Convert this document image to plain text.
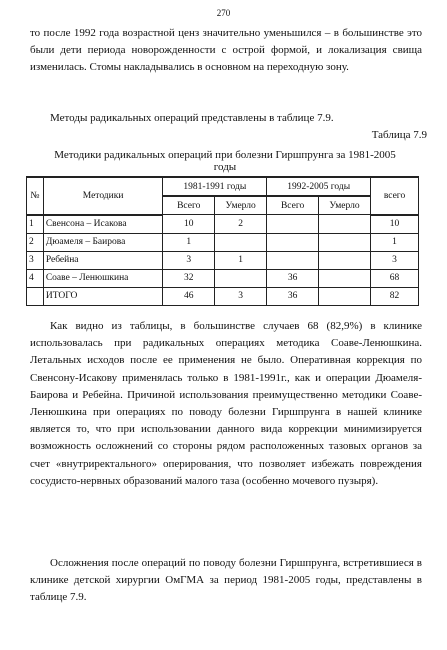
270

то после 1992 года возрастной ценз значительно уменьшился – в большинстве это были дети периода новорожденности с острой формой, и локализация свища изменилась. Стомы накладывались в основном на переходную зону.

Методы радикальных операций представлены в таблице 7.9.

Таблица 7.9
Методики радикальных операций при болезни Гиршпрунга за 1981-2005 годы
№	Методики	1981-1991 годы		1992-2005 годы		всего
		Всего	Умерло	Всего	Умерло	
1	Свенсона – Исакова	10	2			10
2	Дюамеля – Баирова	1				1
3	Ребейна	3	1			3
4	Соаве – Ленюшкина	32		36		68
	ИТОГО	46	3	36		82

Как видно из таблицы, в большинстве случаев 68 (82,9%) в клинике использовалась при радикальных операциях методика Соаве-Ленюшкина. Летальных исходов после ее применения не было. Оперативная коррекция по Свенсону-Исакову применялась только в 1981-1991г., как и операции Дюамеля-Баирова и Ребейна. Причиной использования преимущественно методики Соаве-Ленюшкина при операциях по поводу болезни Гиршпрунга в нашей клинике является то, что при использовании данного вида коррекции минимизируется возможность осложнений со стороны рядом расположенных тазовых органов за счет «внутриректального» оперирования, что позволяет избежать повреждения сосудисто-нервных образований малого таза (особенно мочевого пузыря).

Осложнения после операций по поводу болезни Гиршпрунга, встретившиеся в клинике детской хирургии ОмГМА за период 1981-2005 годы, представлены в таблице 7.9.
